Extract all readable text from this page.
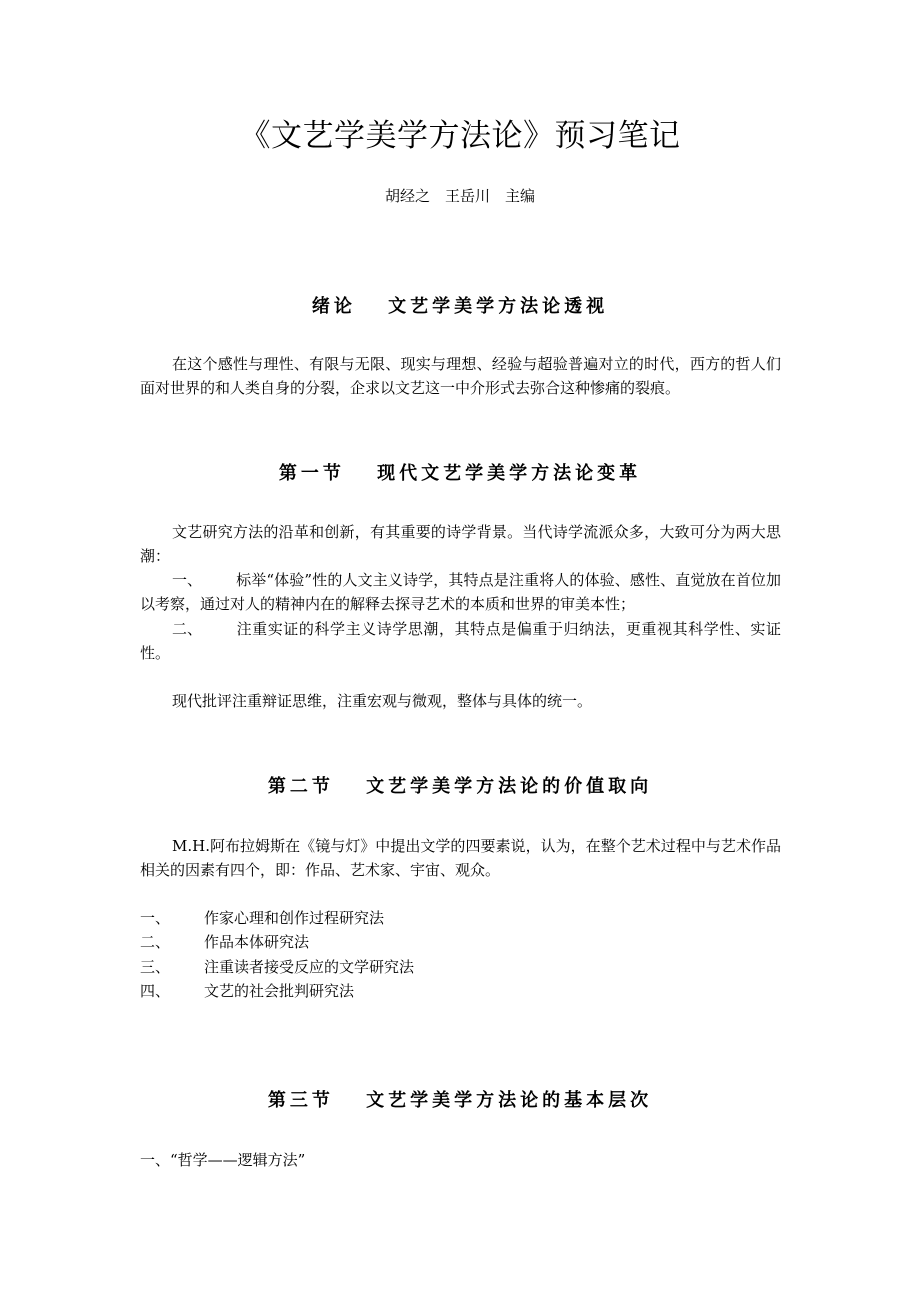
《文艺学美学方法论》预习笔记
胡经之　王岳川　主编
绪论　 文艺学美学方法论透视
在这个感性与理性、有限与无限、现实与理想、经验与超验普遍对立的时代，西方的哲人们面对世界的和人类自身的分裂，企求以文艺这一中介形式去弥合这种惨痛的裂痕。
第一节　 现代文艺学美学方法论变革
文艺研究方法的沿革和创新，有其重要的诗学背景。当代诗学流派众多，大致可分为两大思潮：
一、 标举“体验”性的人文主义诗学，其特点是注重将人的体验、感性、直觉放在首位加以考察，通过对人的精神内在的解释去探寻艺术的本质和世界的审美本性；
二、 注重实证的科学主义诗学思潮，其特点是偏重于归纳法，更重视其科学性、实证性。
现代批评注重辩证思维，注重宏观与微观，整体与具体的统一。
第二节　 文艺学美学方法论的价值取向
M.H.阿布拉姆斯在《镜与灯》中提出文学的四要素说，认为，在整个艺术过程中与艺术作品相关的因素有四个，即：作品、艺术家、宇宙、观众。
一、 作家心理和创作过程研究法
二、 作品本体研究法
三、 注重读者接受反应的文学研究法
四、 文艺的社会批判研究法
第三节　 文艺学美学方法论的基本层次
一、“哲学——逻辑方法”
